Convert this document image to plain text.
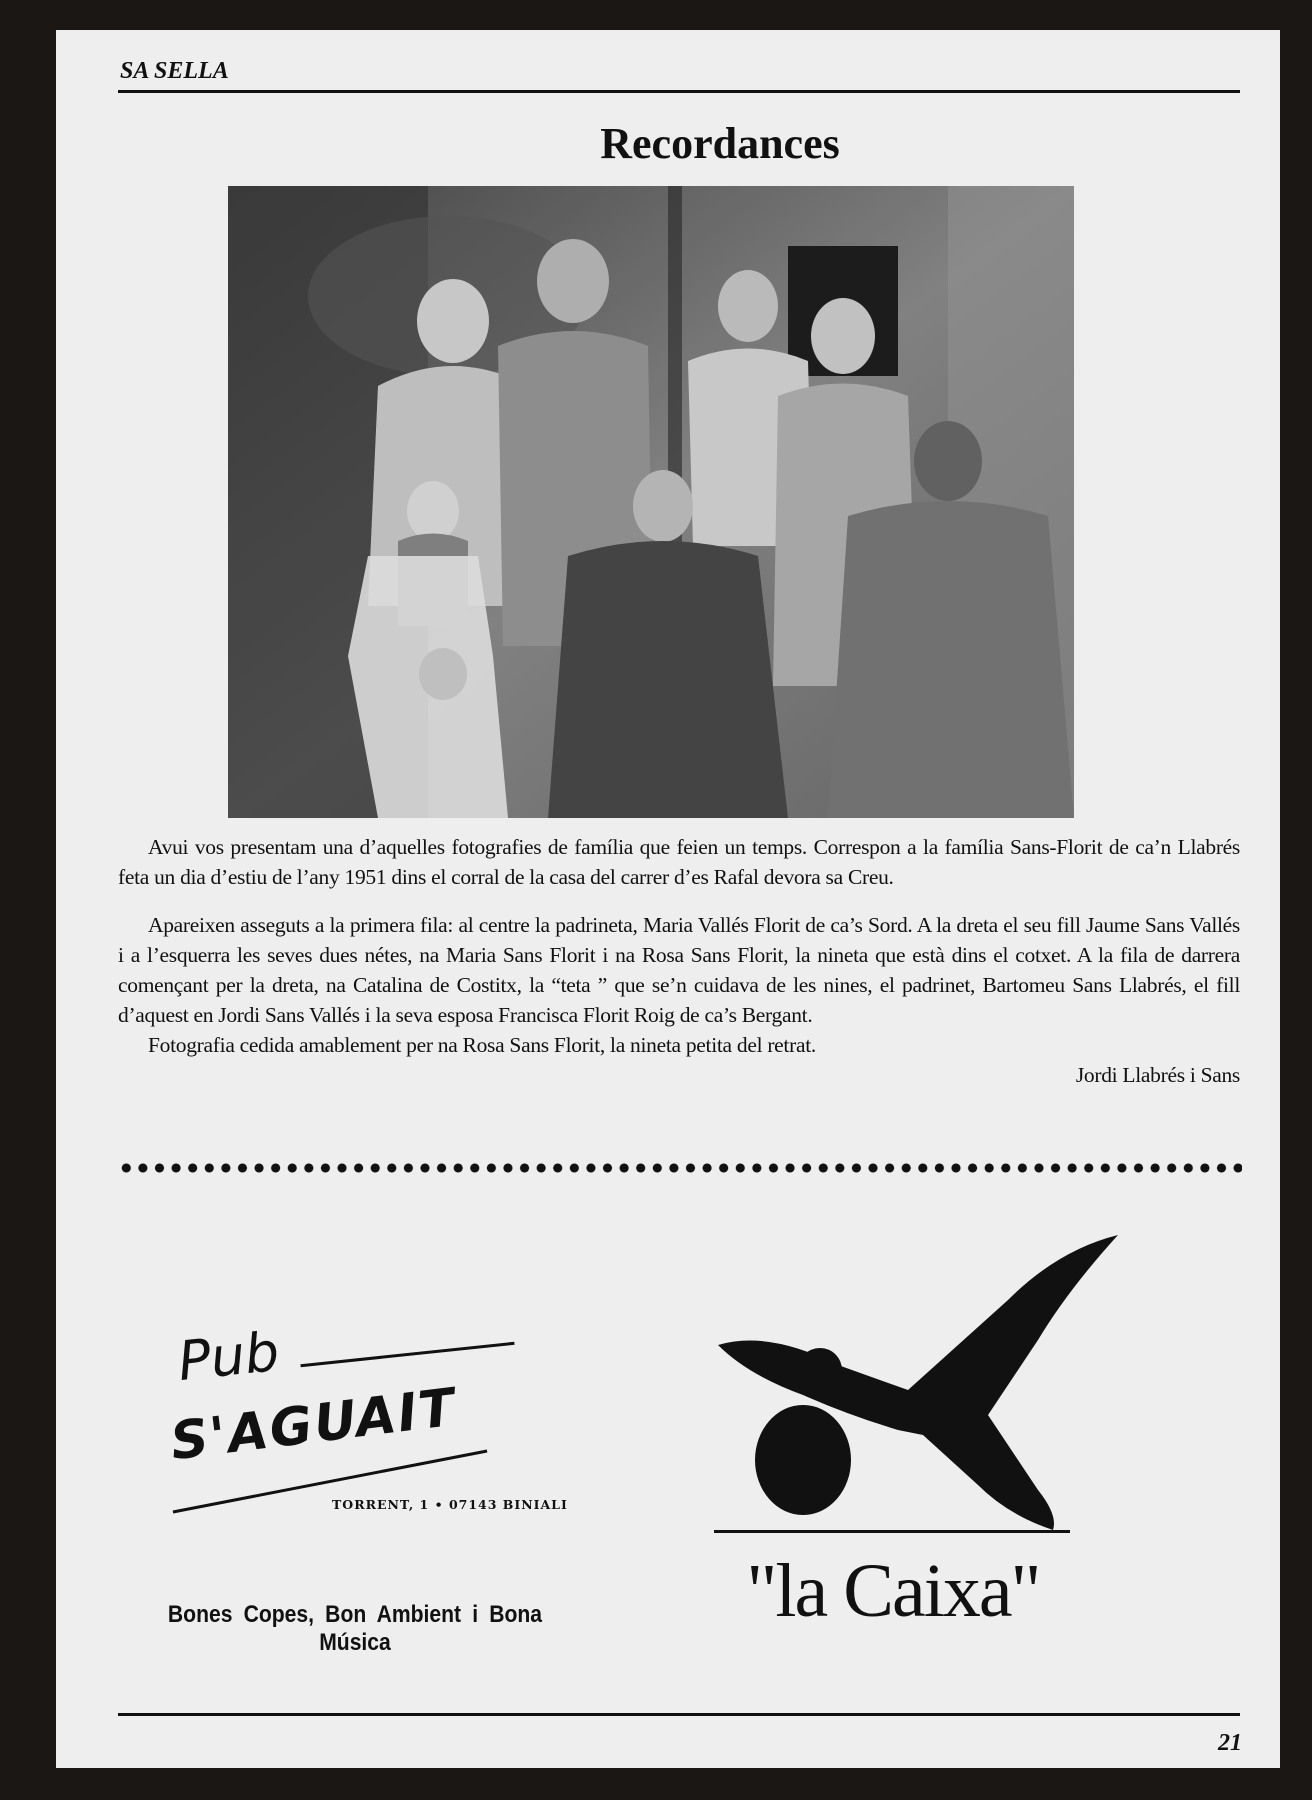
SA SELLA
Recordances

Avui vos presentam una d’aquelles fotografies de família que feien un temps. Correspon a la família Sans-Florit de ca’n Llabrés feta un dia d’estiu de l’any 1951 dins el corral de la casa del carrer d’es Rafal devora sa Creu.

Apareixen asseguts a la primera fila: al centre la padrineta, Maria Vallés Florit de ca’s Sord. A la dreta el seu fill Jaume Sans Vallés i a l’esquerra les seves dues nétes, na Maria Sans Florit i na Rosa Sans Florit, la nineta que està dins el cotxet. A la fila de darrera començant per la dreta, na Catalina de Costitx, la “teta ” que se’n cuidava de les nines, el padrinet, Bartomeu Sans Llabrés, el fill d’aquest en Jordi Sans Vallés i la seva esposa Francisca Florit Roig de ca’s Bergant.

Fotografia cedida amablement per na Rosa Sans Florit, la nineta petita del retrat.

Jordi Llabrés i Sans

Pub
S'AGUAIT
TORRENT, 1 • 07143 BINIALI
Bones Copes, Bon Ambient i Bona Música
"la Caixa"
21
